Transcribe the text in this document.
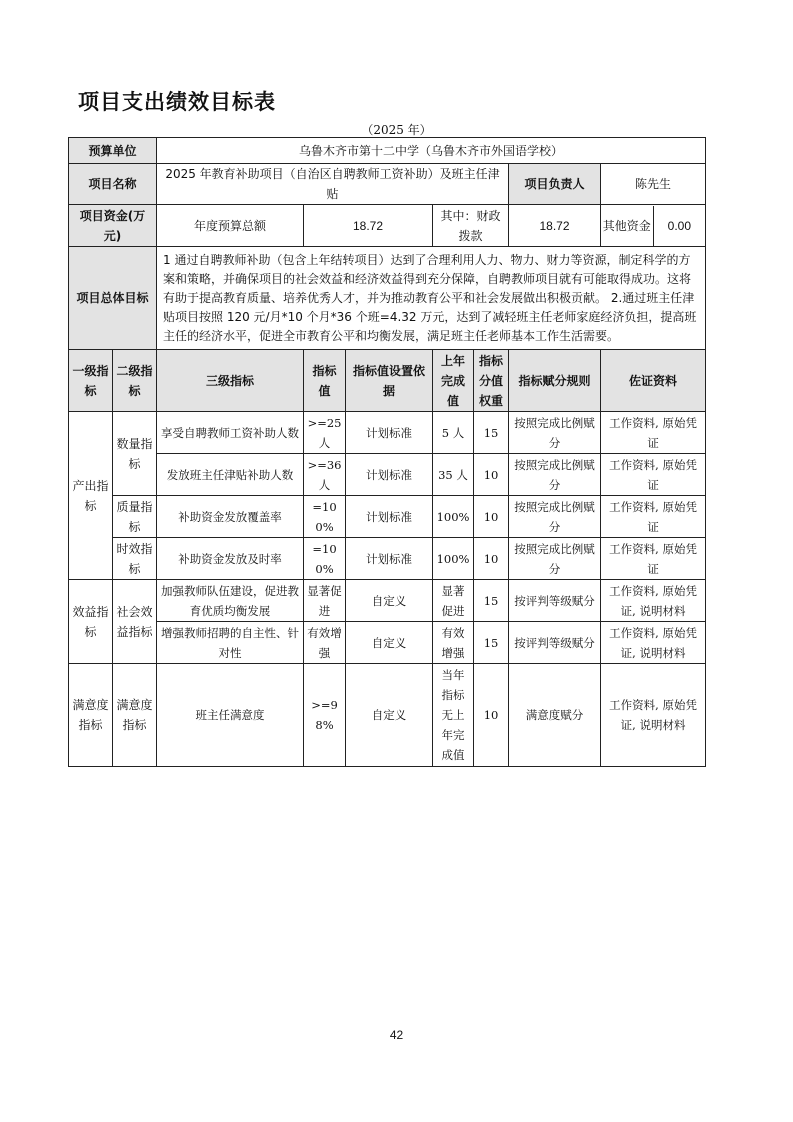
项目支出绩效目标表
（2025 年）
预算单位		乌鲁木齐市第十二中学（乌鲁木齐市外国语学校）						
项目名称		2025 年教育补助项目（自治区自聘教师工资补助）及班主任津贴					项目负责人	陈先生
项目资金(万元)		年度预算总额	18.72		其中：财政拨款		18.72	其他资金 0.00

项目总体目标		1 通过自聘教师补助（包含上年结转项目）达到了合理利用人力、物力、财力等资源，制定科学的方案和策略，并确保项目的社会效益和经济效益得到充分保障，自聘教师项目就有可能取得成功。这将有助于提高教育质量、培养优秀人才，并为推动教育公平和社会发展做出积极贡献。 2.通过班主任津贴项目按照 120 元/月*10 个月*36 个班=4.32 万元，达到了减轻班主任老师家庭经济负担，提高班主任的经济水平，促进全市教育公平和均衡发展，满足班主任老师基本工作生活需要。						
一级指标	二级指标	三级指标	指标值	指标值设置依据	上年完成值	指标分值权重	指标赋分规则	佐证资料
产出指标	数量指标	享受自聘教师工资补助人数	>=25人	计划标准	5 人	15	按照完成比例赋分	工作资料, 原始凭证
		发放班主任津贴补助人数	>=36人	计划标准	35 人	10	按照完成比例赋分	工作资料, 原始凭证
	质量指标	补助资金发放覆盖率	=100%	计划标准	100%	10	按照完成比例赋分	工作资料, 原始凭证
	时效指标	补助资金发放及时率	=100%	计划标准	100%	10	按照完成比例赋分	工作资料, 原始凭证
效益指标	社会效益指标	加强教师队伍建设，促进教育优质均衡发展	显著促进	自定义	显著促进	15	按评判等级赋分	工作资料, 原始凭证, 说明材料
		增强教师招聘的自主性、针对性	有效增强	自定义	有效增强	15	按评判等级赋分	工作资料, 原始凭证, 说明材料
满意度指标	满意度指标	班主任满意度	>=98%	自定义	当年指标无上年完成值	10	满意度赋分	工作资料, 原始凭证, 说明材料
42
